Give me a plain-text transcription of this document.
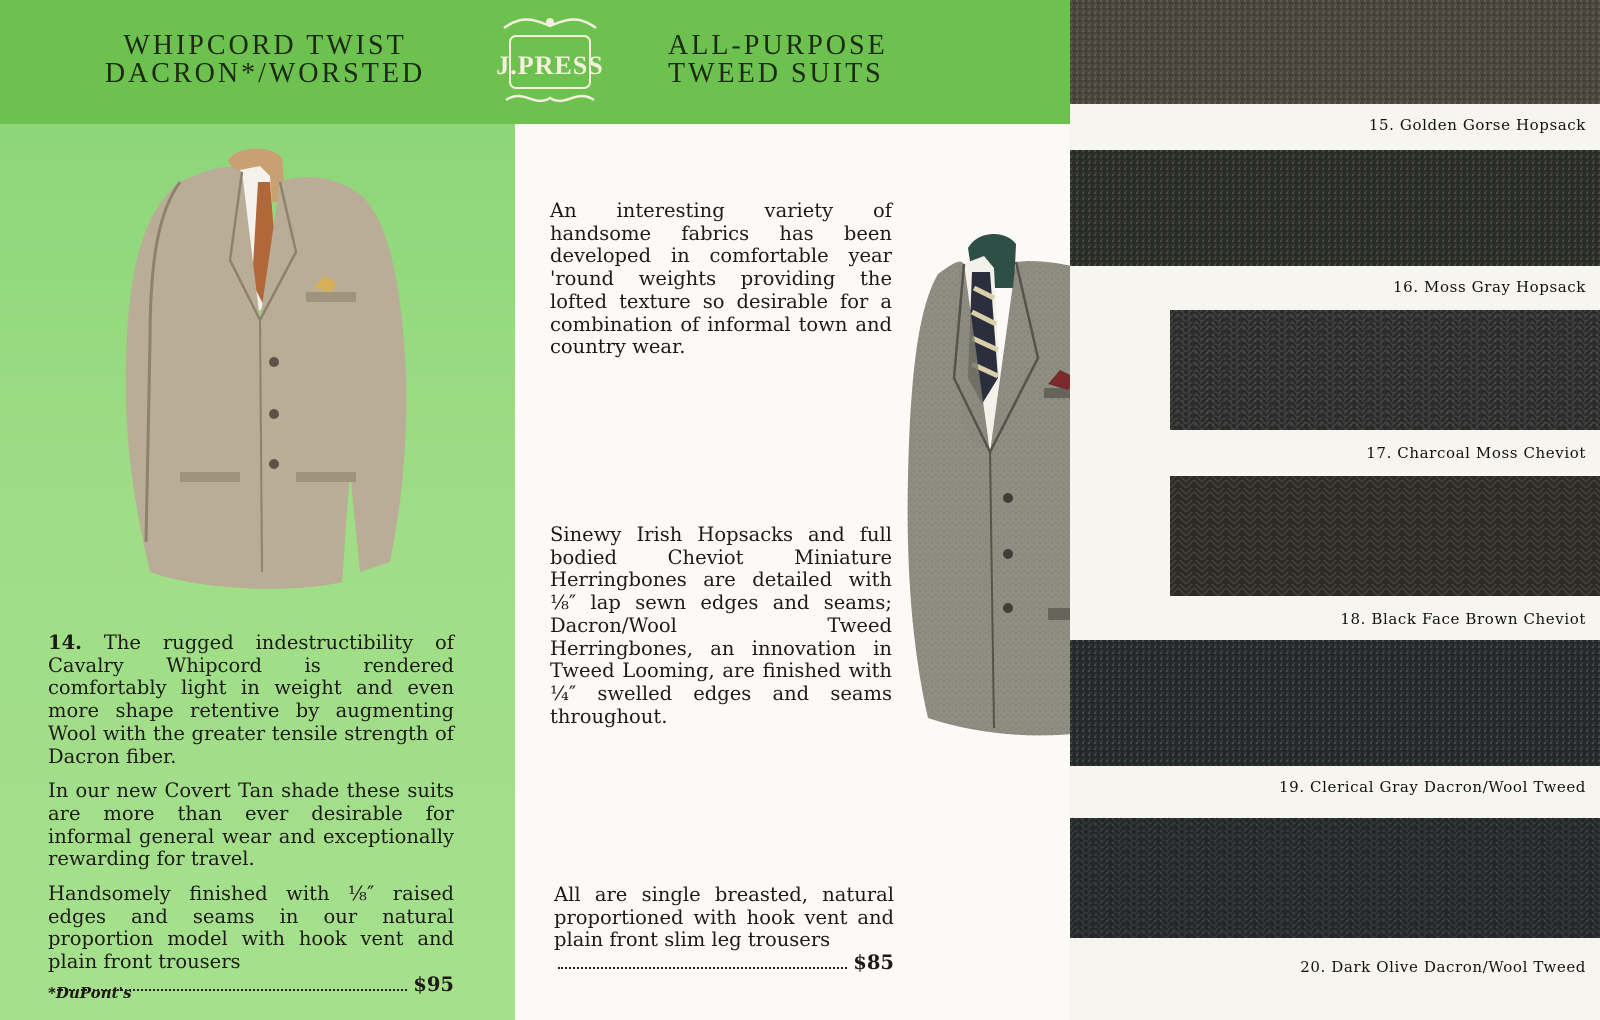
WHIPCORD TWIST
DACRON*/WORSTED	J.PRESS
ALL-PURPOSE
TWEED SUITS

14. The rugged indestructibility of Cavalry Whipcord is rendered comfortably light in weight and even more shape retentive by augmenting Wool with the greater tensile strength of Dacron fiber.

In our new Covert Tan shade these suits are more than ever desirable for informal general wear and exceptionally rewarding for travel.

Handsomely finished with ⅛″ raised edges and seams in our natural proportion model with hook vent and plain front trousers

$95
*DuPont's
An interesting variety of handsome fabrics has been developed in comfortable year 'round weights providing the lofted texture so desirable for a combination of informal town and country wear.
Sinewy Irish Hopsacks and full bodied Cheviot Miniature Herringbones are detailed with ⅛″ lap sewn edges and seams; Dacron/Wool Tweed Herringbones, an innovation in Tweed Looming, are finished with ¼″ swelled edges and seams throughout.
All are single breasted, natural proportioned with hook vent and plain front slim leg trousers
$85
15. Golden Gorse Hopsack
16. Moss Gray Hopsack
17. Charcoal Moss Cheviot
18. Black Face Brown Cheviot
19. Clerical Gray Dacron/Wool Tweed
20. Dark Olive Dacron/Wool Tweed
